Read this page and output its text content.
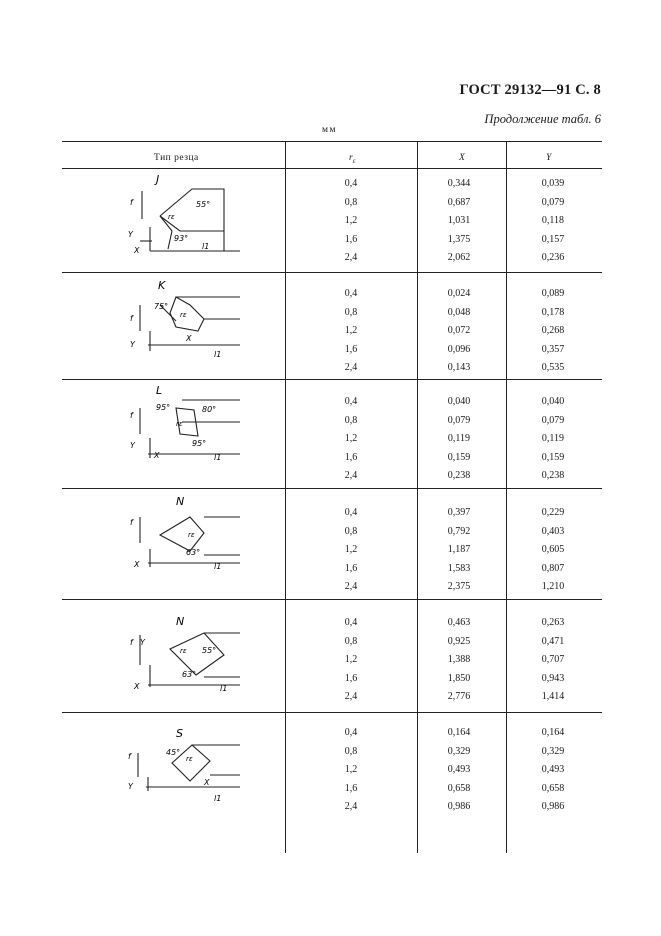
ГОСТ 29132—91 С. 8
Продолжение табл. 6
мм
Тип резца	$r_\varepsilon$	X	Y
0,4	0,344	0,039
0,8	0,687	0,079
1,2	1,031	0,118
1,6	1,375	0,157
2,4	2,062	0,236
0,4	0,024	0,089
0,8	0,048	0,178
1,2	0,072	0,268
1,6	0,096	0,357
2,4	0,143	0,535
0,4	0,040	0,040
0,8	0,079	0,079
1,2	0,119	0,119
1,6	0,159	0,159
2,4	0,238	0,238
0,4	0,397	0,229
0,8	0,792	0,403
1,2	1,187	0,605
1,6	1,583	0,807
2,4	2,375	1,210
0,4	0,463	0,263
0,8	0,925	0,471
1,2	1,388	0,707
1,6	1,850	0,943
2,4	2,776	1,414
0,4	0,164	0,164
0,8	0,329	0,329
1,2	0,493	0,493
1,6	0,658	0,658
2,4	0,986	0,986
J
55°
rε
93°
f
Y
X	l1
K
75°
rε
f
Y
X
l1
L
95°	80°
rε
95°
f
Y
X	l1
N
rε
63°
f
X	l1
N
rε 55°
63°
f Y
X	l1
S
45°
rε
f
Y	X
l1
